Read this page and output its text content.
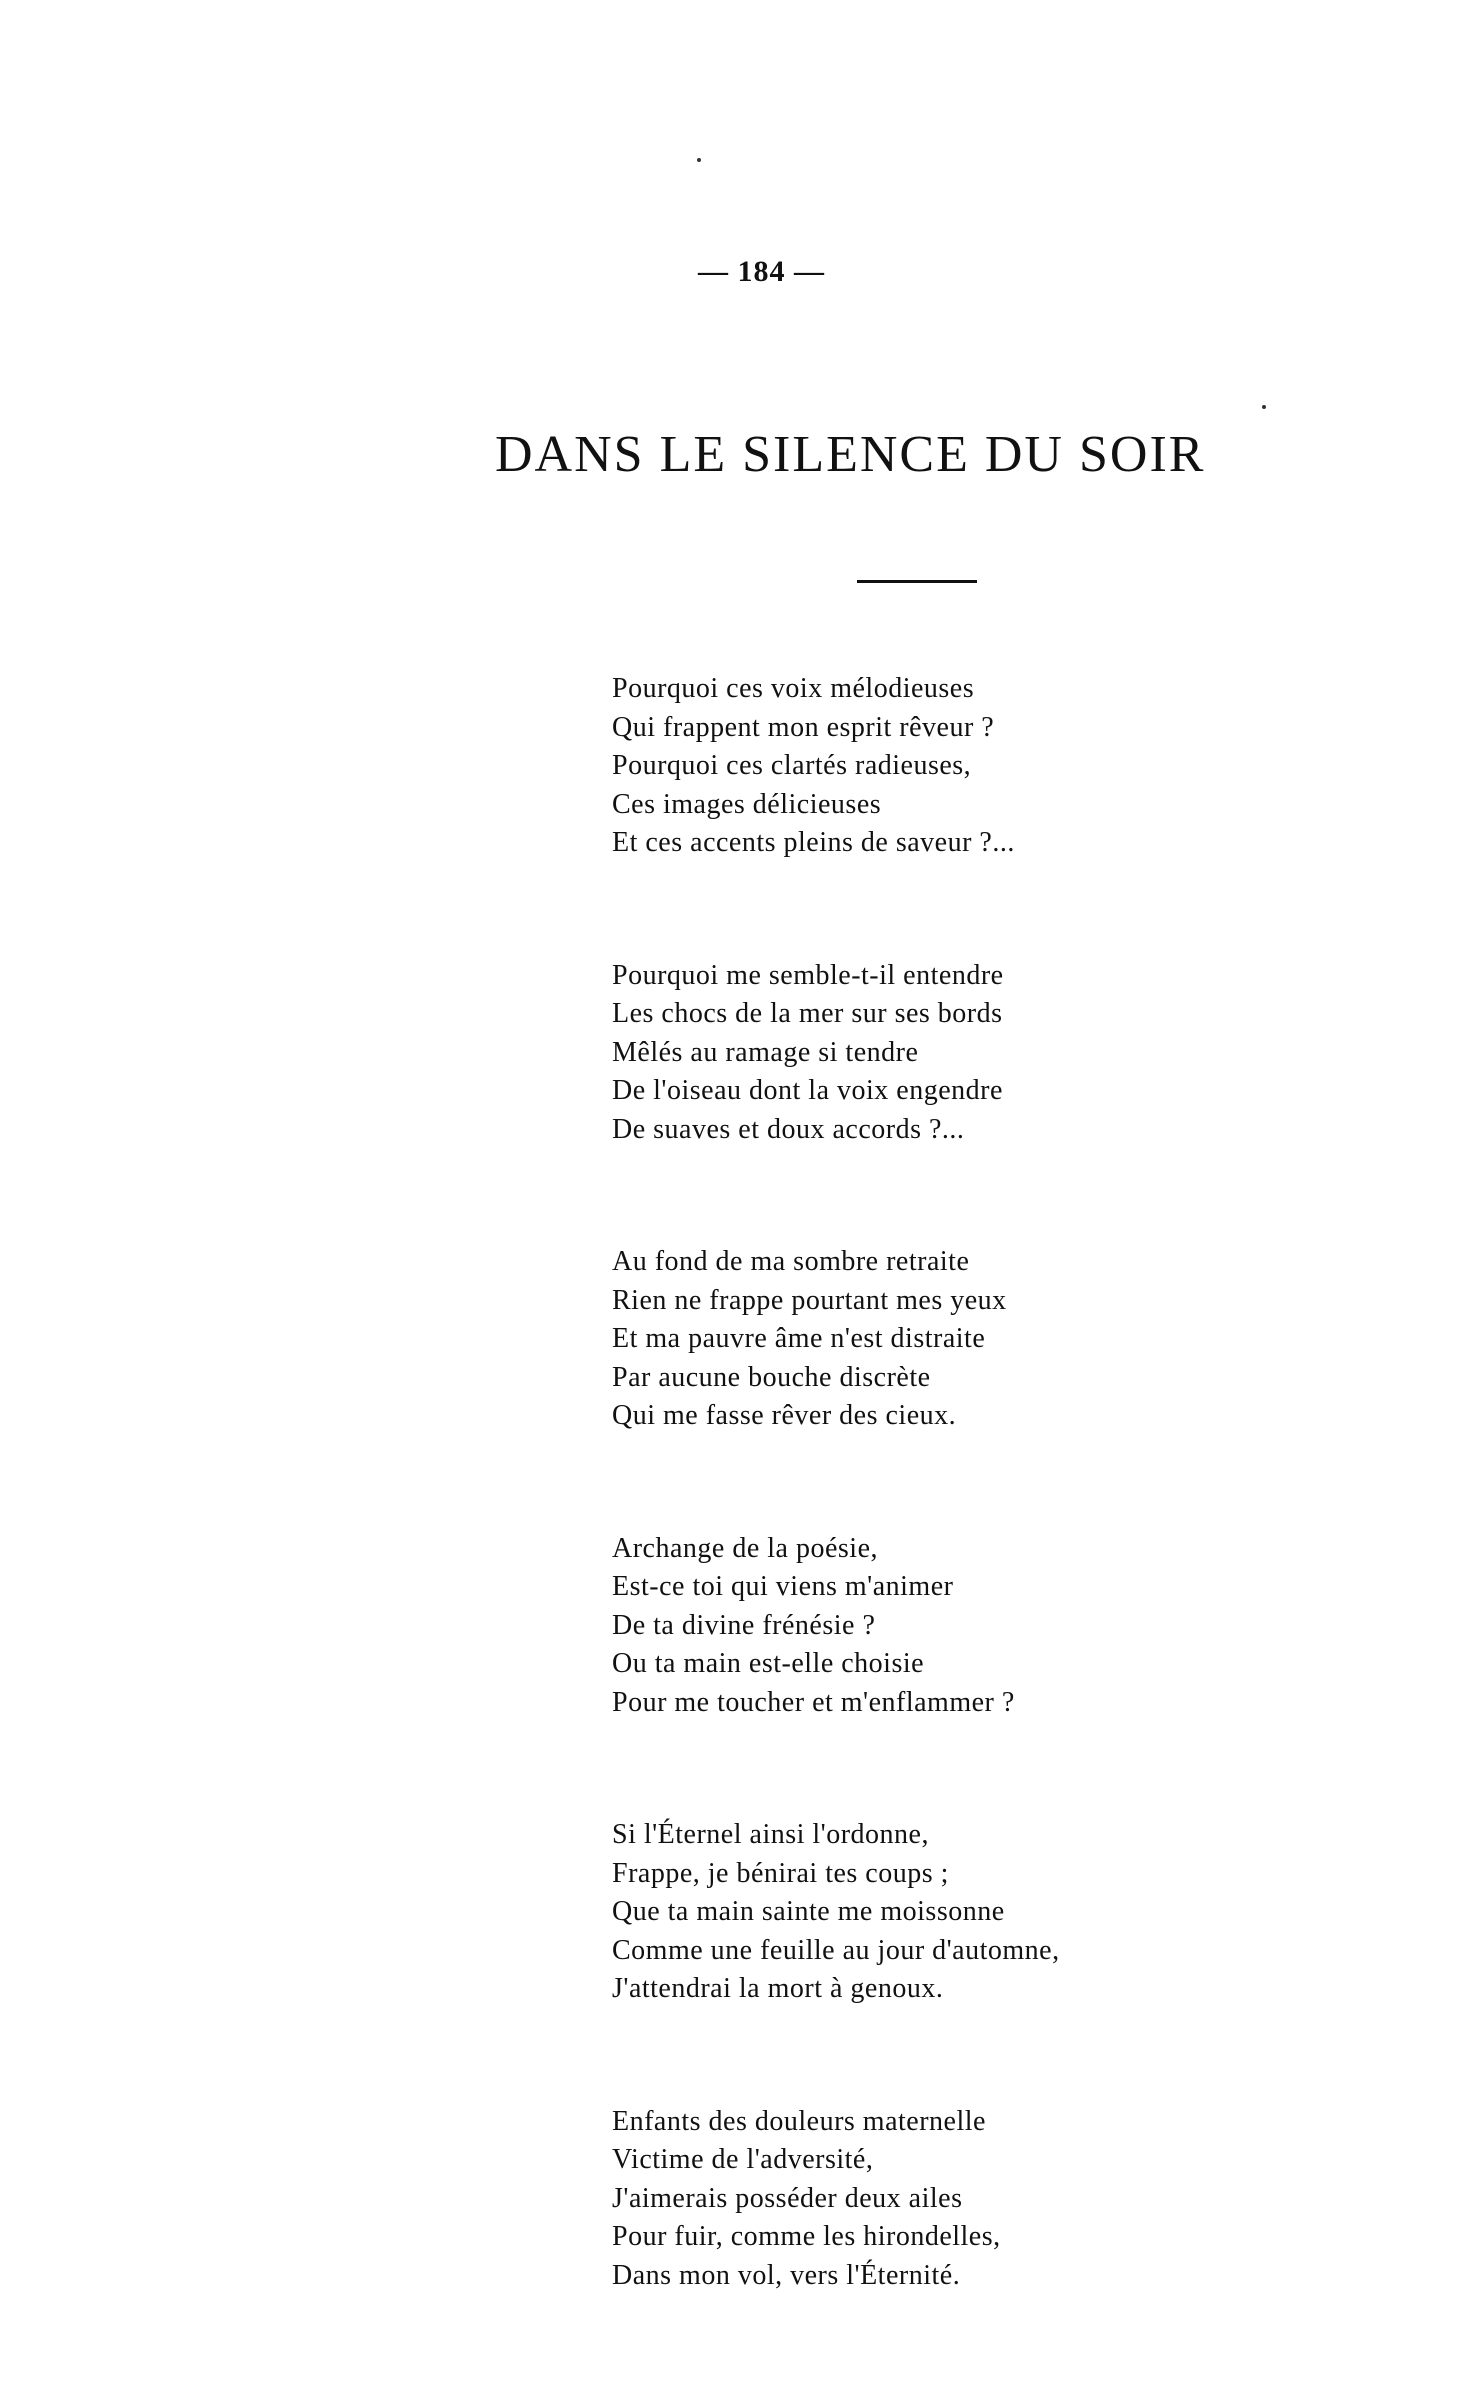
— 184 —
DANS LE SILENCE DU SOIR
Pourquoi ces voix mélodieuses
Qui frappent mon esprit rêveur ?
Pourquoi ces clartés radieuses,
Ces images délicieuses
Et ces accents pleins de saveur ?...
Pourquoi me semble-t-il entendre
Les chocs de la mer sur ses bords
Mêlés au ramage si tendre
De l'oiseau dont la voix engendre
De suaves et doux accords ?...
Au fond de ma sombre retraite
Rien ne frappe pourtant mes yeux
Et ma pauvre âme n'est distraite
Par aucune bouche discrète
Qui me fasse rêver des cieux.
Archange de la poésie,
Est-ce toi qui viens m'animer
De ta divine frénésie ?
Ou ta main est-elle choisie
Pour me toucher et m'enflammer ?
Si l'Éternel ainsi l'ordonne,
Frappe, je bénirai tes coups ;
Que ta main sainte me moissonne
Comme une feuille au jour d'automne,
J'attendrai la mort à genoux.
Enfants des douleurs maternelle
Victime de l'adversité,
J'aimerais posséder deux ailes
Pour fuir, comme les hirondelles,
Dans mon vol, vers l'Éternité.
